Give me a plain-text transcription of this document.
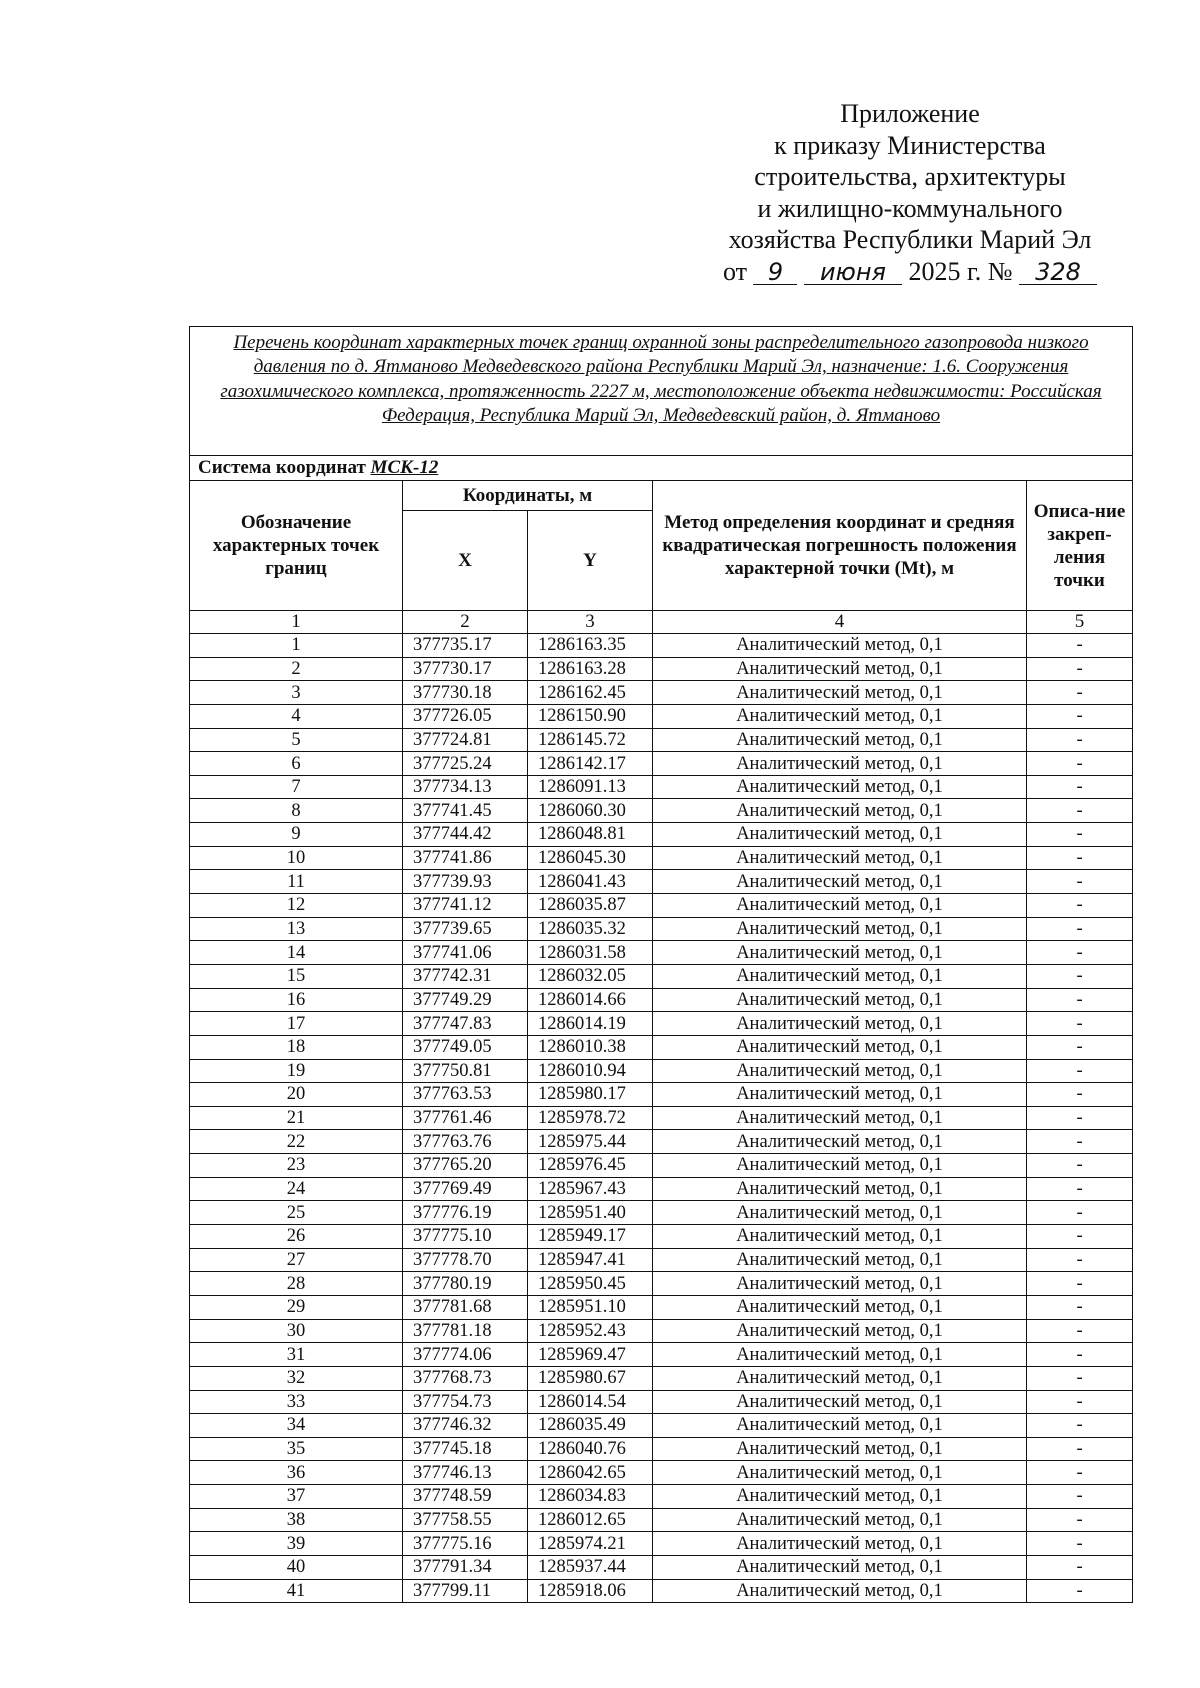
Приложение
к приказу Министерства
строительства, архитектуры
и жилищно-коммунального
хозяйства Республики Марий Эл
от 9 июня 2025 г. № 328
Перечень координат характерных точек границ охранной зоны распределительного газопровода низкого давления по д. Ятманово Медведевского района Республики Марий Эл, назначение: 1.6. Сооружения газохимического комплекса, протяженность 2227 м, местоположение объекта недвижимости: Российская Федерация, Республика Марий Эл, Медведевский район, д. Ятманово				
Система координат МСК-12				
Обозначение характерных точек границ	Координаты, м		Метод определения координат и средняя квадратическая погрешность положения характерной точки (Mt), м	Описа-ние закреп-ления точки
	X	Y		
1	2	3	4	5
1	377735.17	1286163.35	Аналитический метод, 0,1	-
2	377730.17	1286163.28	Аналитический метод, 0,1	-
3	377730.18	1286162.45	Аналитический метод, 0,1	-
4	377726.05	1286150.90	Аналитический метод, 0,1	-
5	377724.81	1286145.72	Аналитический метод, 0,1	-
6	377725.24	1286142.17	Аналитический метод, 0,1	-
7	377734.13	1286091.13	Аналитический метод, 0,1	-
8	377741.45	1286060.30	Аналитический метод, 0,1	-
9	377744.42	1286048.81	Аналитический метод, 0,1	-
10	377741.86	1286045.30	Аналитический метод, 0,1	-
11	377739.93	1286041.43	Аналитический метод, 0,1	-
12	377741.12	1286035.87	Аналитический метод, 0,1	-
13	377739.65	1286035.32	Аналитический метод, 0,1	-
14	377741.06	1286031.58	Аналитический метод, 0,1	-
15	377742.31	1286032.05	Аналитический метод, 0,1	-
16	377749.29	1286014.66	Аналитический метод, 0,1	-
17	377747.83	1286014.19	Аналитический метод, 0,1	-
18	377749.05	1286010.38	Аналитический метод, 0,1	-
19	377750.81	1286010.94	Аналитический метод, 0,1	-
20	377763.53	1285980.17	Аналитический метод, 0,1	-
21	377761.46	1285978.72	Аналитический метод, 0,1	-
22	377763.76	1285975.44	Аналитический метод, 0,1	-
23	377765.20	1285976.45	Аналитический метод, 0,1	-
24	377769.49	1285967.43	Аналитический метод, 0,1	-
25	377776.19	1285951.40	Аналитический метод, 0,1	-
26	377775.10	1285949.17	Аналитический метод, 0,1	-
27	377778.70	1285947.41	Аналитический метод, 0,1	-
28	377780.19	1285950.45	Аналитический метод, 0,1	-
29	377781.68	1285951.10	Аналитический метод, 0,1	-
30	377781.18	1285952.43	Аналитический метод, 0,1	-
31	377774.06	1285969.47	Аналитический метод, 0,1	-
32	377768.73	1285980.67	Аналитический метод, 0,1	-
33	377754.73	1286014.54	Аналитический метод, 0,1	-
34	377746.32	1286035.49	Аналитический метод, 0,1	-
35	377745.18	1286040.76	Аналитический метод, 0,1	-
36	377746.13	1286042.65	Аналитический метод, 0,1	-
37	377748.59	1286034.83	Аналитический метод, 0,1	-
38	377758.55	1286012.65	Аналитический метод, 0,1	-
39	377775.16	1285974.21	Аналитический метод, 0,1	-
40	377791.34	1285937.44	Аналитический метод, 0,1	-
41	377799.11	1285918.06	Аналитический метод, 0,1	-
